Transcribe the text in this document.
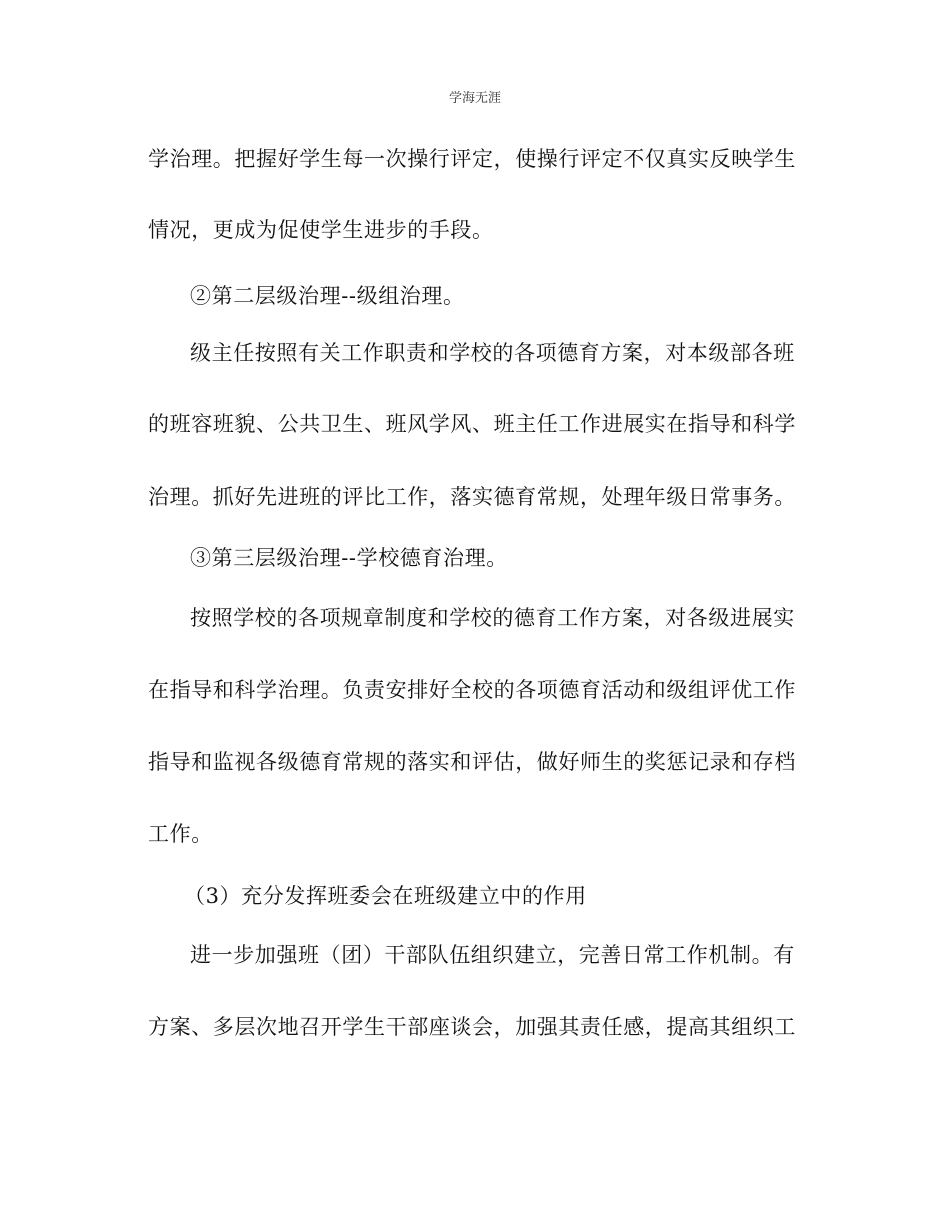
学海无涯
学治理。把握好学生每一次操行评定，使操行评定不仅真实反映学生
情况，更成为促使学生进步的手段。
②第二层级治理--级组治理。
级主任按照有关工作职责和学校的各项德育方案，对本级部各班
的班容班貌、公共卫生、班风学风、班主任工作进展实在指导和科学
治理。抓好先进班的评比工作，落实德育常规，处理年级日常事务。
③第三层级治理--学校德育治理。
按照学校的各项规章制度和学校的德育工作方案，对各级进展实
在指导和科学治理。负责安排好全校的各项德育活动和级组评优工作
指导和监视各级德育常规的落实和评估，做好师生的奖惩记录和存档
工作。
（3）充分发挥班委会在班级建立中的作用
进一步加强班（团）干部队伍组织建立，完善日常工作机制。有
方案、多层次地召开学生干部座谈会，加强其责任感，提高其组织工
